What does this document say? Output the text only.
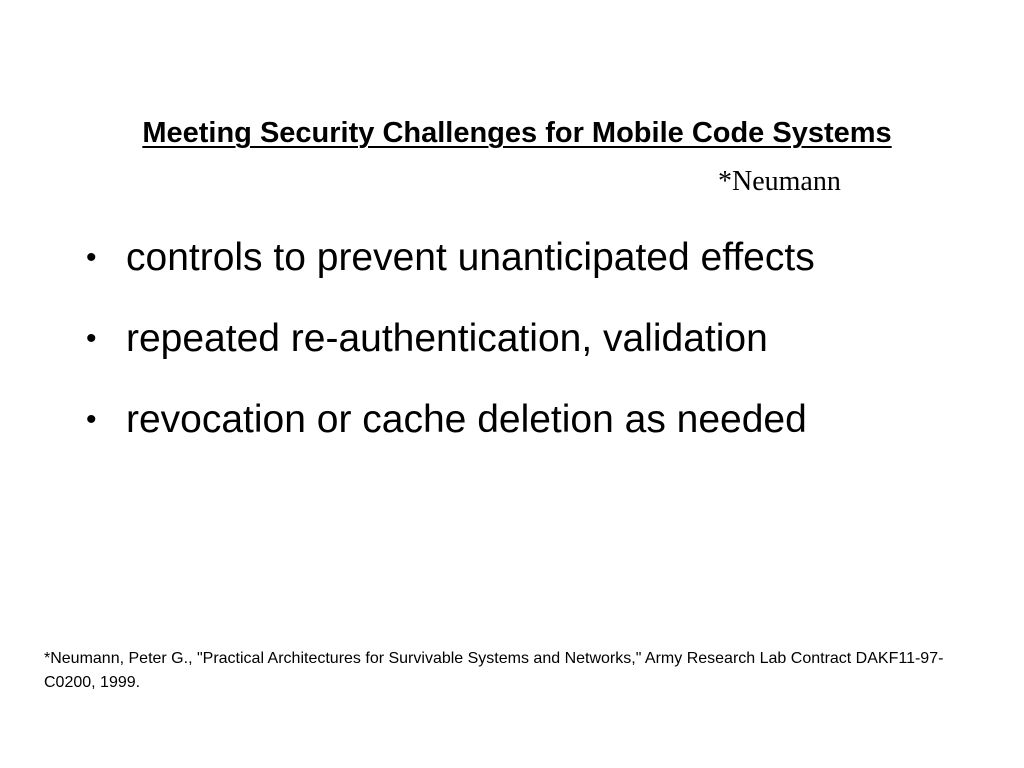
Meeting Security Challenges for Mobile Code Systems
*Neumann
• controls to prevent unanticipated effects
• repeated re-authentication, validation
• revocation or cache deletion as needed

*Neumann, Peter G., "Practical Architectures for Survivable Systems and Networks," Army Research Lab Contract DAKF11-97-C0200, 1999.
